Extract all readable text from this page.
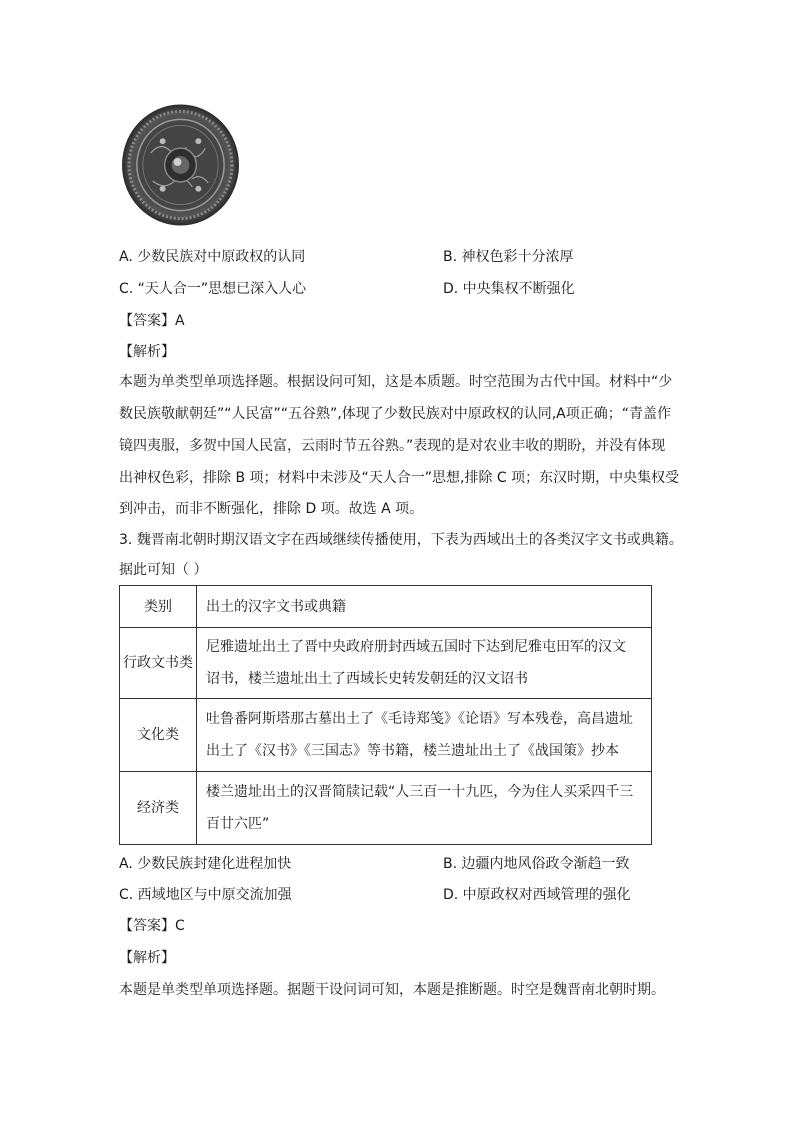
A. 少数民族对中原政权的认同	B. 神权色彩十分浓厚
C. “天人合一”思想已深入人心	D. 中央集权不断强化
【答案】A
【解析】
本题为单类型单项选择题。根据设问可知，这是本质题。时空范围为古代中国。材料中“少
数民族敬献朝廷”“人民富”“五谷熟”,体现了少数民族对中原政权的认同,A项正确；“青盖作
镜四夷服，多贺中国人民富，云雨时节五谷熟。”表现的是对农业丰收的期盼，并没有体现
出神权色彩，排除 B 项；材料中未涉及“天人合一”思想,排除 C 项；东汉时期，中央集权受
到冲击，而非不断强化，排除 D 项。故选 A 项。
3. 魏晋南北朝时期汉语文字在西域继续传播使用，下表为西域出土的各类汉字文书或典籍。
据此可知（ ）
类别	出土的汉字文书或典籍
行政文书类	尼雅遗址出土了晋中央政府册封西域五国时下达到尼雅屯田军的汉文
诏书，楼兰遗址出土了西域长史转发朝廷的汉文诏书

文化类	吐鲁番阿斯塔那古墓出土了《毛诗郑笺》《论语》写本残卷，高昌遗址
出土了《汉书》《三国志》等书籍，楼兰遗址出土了《战国策》抄本

经济类	楼兰遗址出土的汉晋简牍记载“人三百一十九匹，今为住人买采四千三
百廿六匹”
A. 少数民族封建化进程加快	B. 边疆内地风俗政令渐趋一致
C. 西域地区与中原交流加强	D. 中原政权对西域管理的强化
【答案】C
【解析】
本题是单类型单项选择题。据题干设问词可知，本题是推断题。时空是魏晋南北朝时期。
